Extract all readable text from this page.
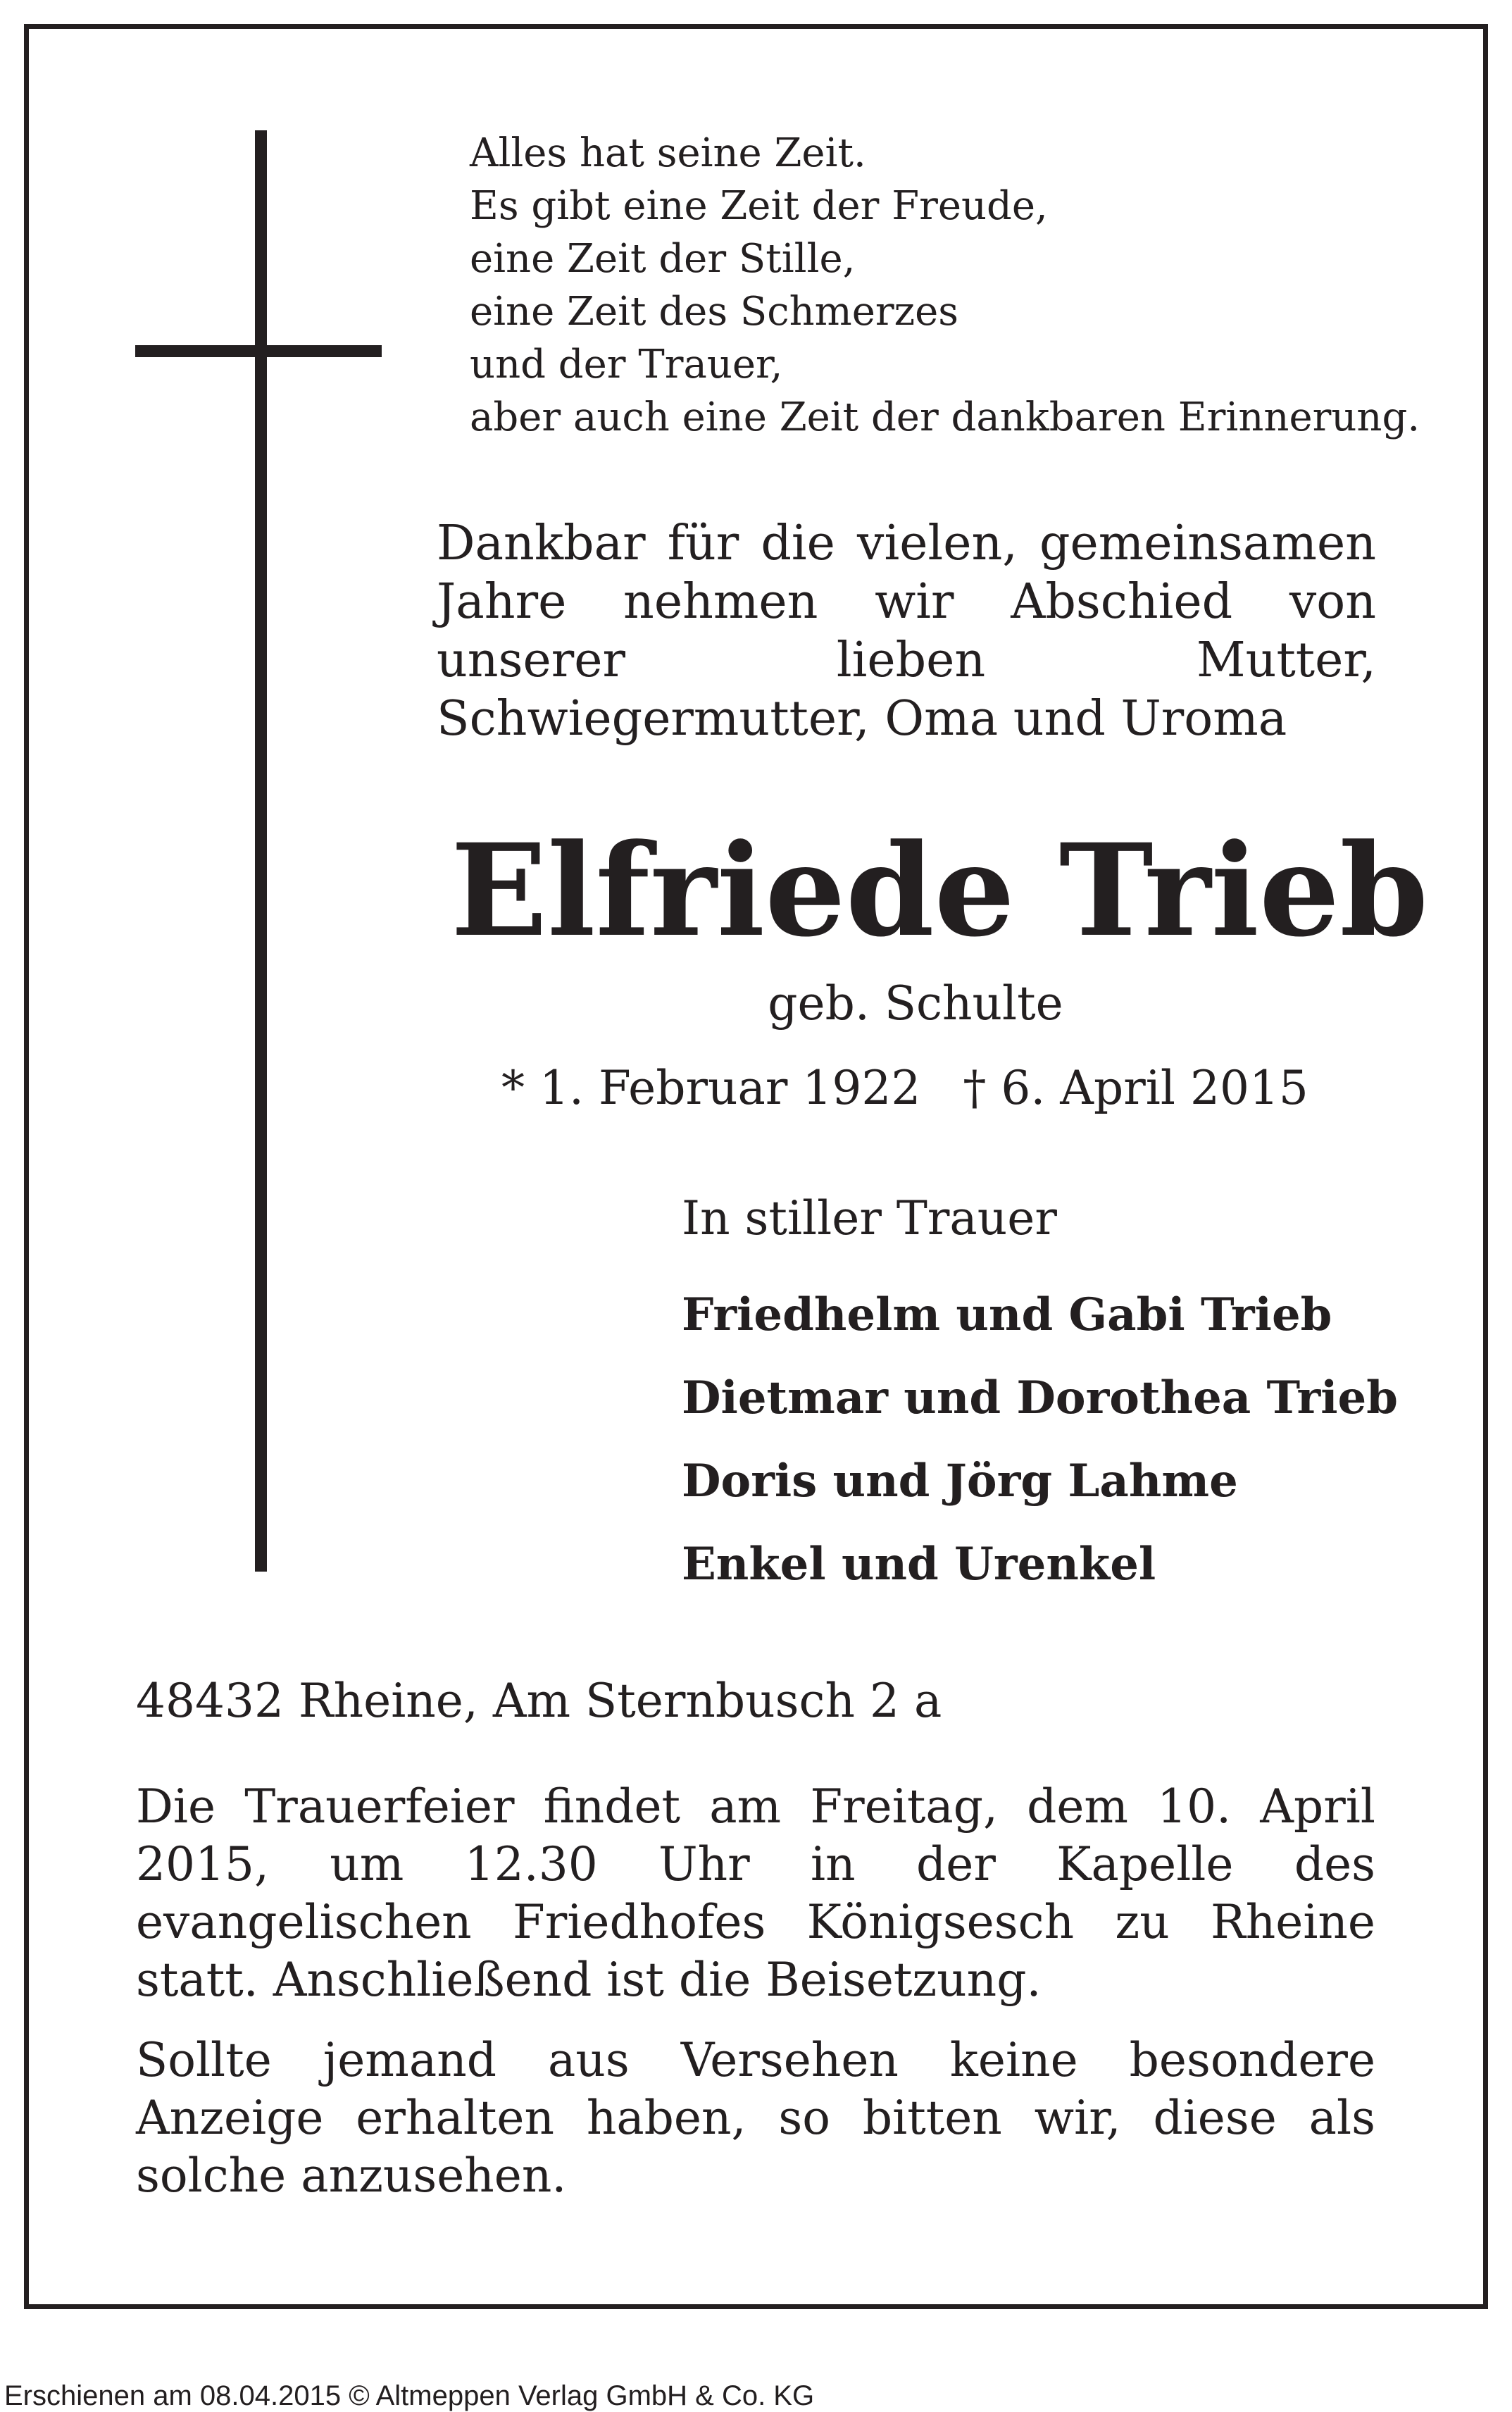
Alles hat seine Zeit.
Es gibt eine Zeit der Freude,
eine Zeit der Stille,
eine Zeit des Schmerzes
und der Trauer,
aber auch eine Zeit der dankbaren Erinnerung.
Dankbar für die vielen, gemeinsamen Jahre nehmen wir Abschied von unserer lieben Mutter, Schwiegermutter, Oma und Uroma
Elfriede Trieb
geb. Schulte
* 1. Februar 1922 † 6. April 2015
In stiller Trauer
Friedhelm und Gabi Trieb
Dietmar und Dorothea Trieb
Doris und Jörg Lahme
Enkel und Urenkel
48432 Rheine, Am Sternbusch 2 a
Die Trauerfeier findet am Freitag, dem 10. April 2015, um 12.30 Uhr in der Kapelle des evangelischen Friedhofes Königsesch zu Rheine statt. Anschließend ist die Beisetzung.
Sollte jemand aus Versehen keine besondere Anzeige erhalten haben, so bitten wir, diese als solche anzusehen.
Erschienen am 08.04.2015 © Altmeppen Verlag GmbH & Co. KG
